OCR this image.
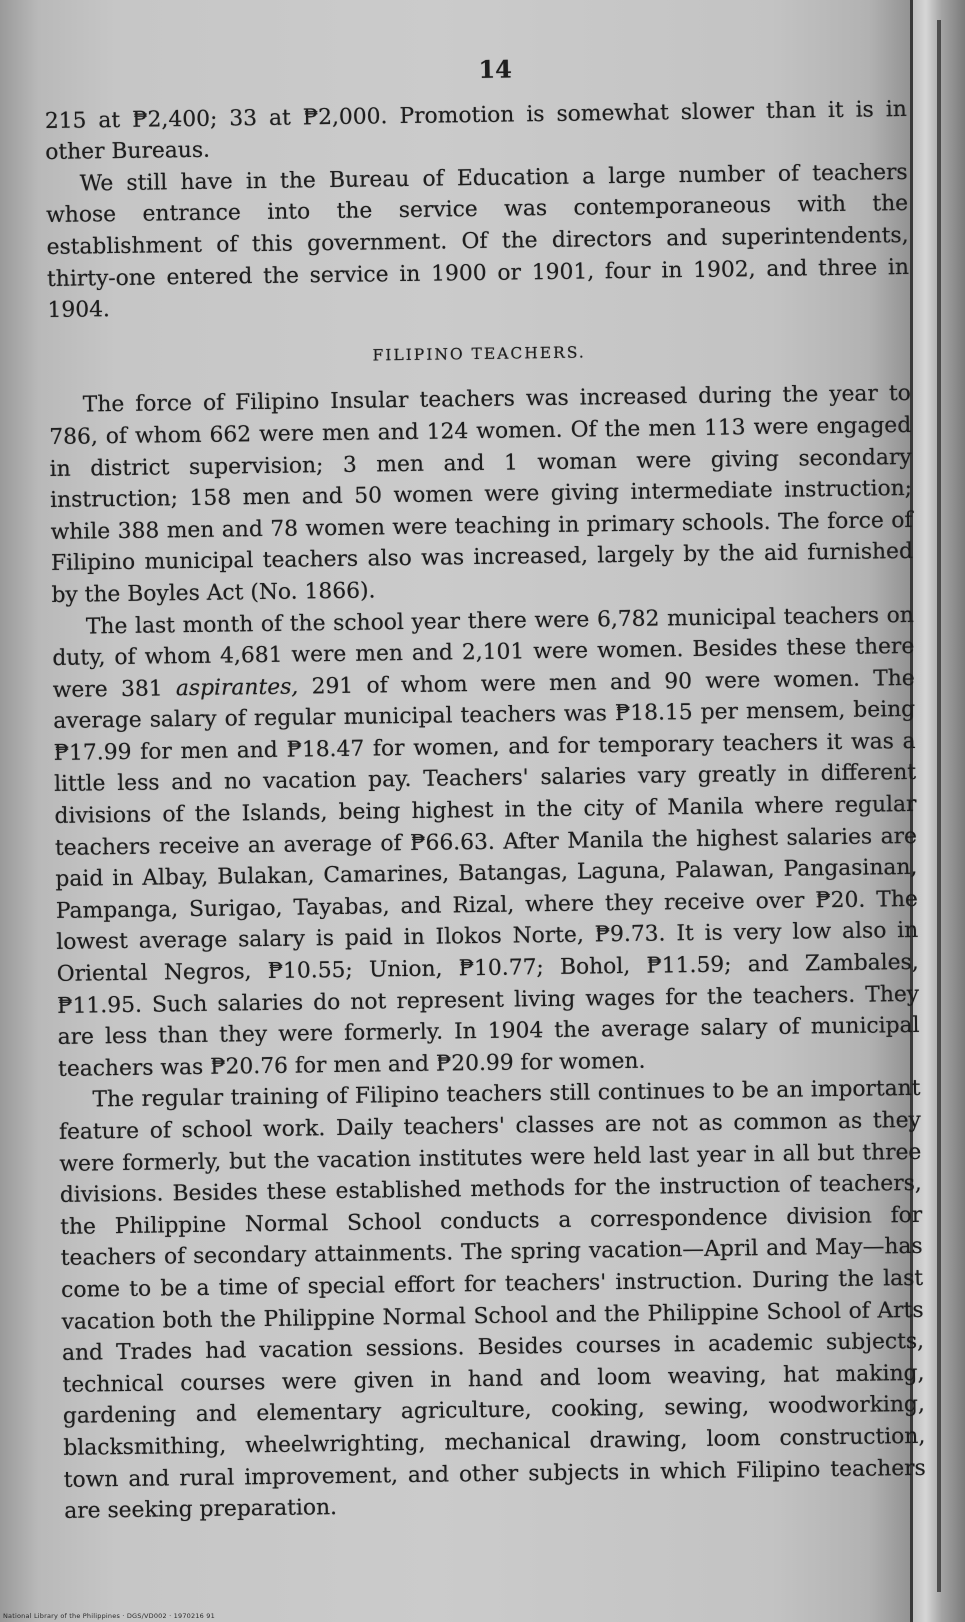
14

215 at ₱2,400; 33 at ₱2,000. Promotion is somewhat slower than it is in other Bureaus.

We still have in the Bureau of Education a large number of teachers whose entrance into the service was contemporaneous with the establishment of this government. Of the directors and superintendents, thirty-one entered the service in 1900 or 1901, four in 1902, and three in 1904.

FILIPINO TEACHERS.

The force of Filipino Insular teachers was increased during the year to 786, of whom 662 were men and 124 women. Of the men 113 were engaged in district supervision; 3 men and 1 woman were giving secondary instruction; 158 men and 50 women were giving intermediate instruction; while 388 men and 78 women were teaching in primary schools. The force of Filipino municipal teachers also was increased, largely by the aid furnished by the Boyles Act (No. 1866).

The last month of the school year there were 6,782 municipal teachers on duty, of whom 4,681 were men and 2,101 were women. Besides these there were 381 aspirantes, 291 of whom were men and 90 were women. The average salary of regular municipal teachers was ₱18.15 per mensem, being ₱17.99 for men and ₱18.47 for women, and for temporary teachers it was a little less and no vacation pay. Teachers' salaries vary greatly in different divisions of the Islands, being highest in the city of Manila where regular teachers receive an average of ₱66.63. After Manila the highest salaries are paid in Albay, Bulakan, Camarines, Batangas, Laguna, Palawan, Pangasinan, Pampanga, Surigao, Tayabas, and Rizal, where they receive over ₱20. The lowest average salary is paid in Ilokos Norte, ₱9.73. It is very low also in Oriental Negros, ₱10.55; Union, ₱10.77; Bohol, ₱11.59; and Zambales, ₱11.95. Such salaries do not represent living wages for the teachers. They are less than they were formerly. In 1904 the average salary of municipal teachers was ₱20.76 for men and ₱20.99 for women.

The regular training of Filipino teachers still continues to be an important feature of school work. Daily teachers' classes are not as common as they were formerly, but the vacation institutes were held last year in all but three divisions. Besides these established methods for the instruction of teachers, the Philippine Normal School conducts a correspondence division for teachers of secondary attainments. The spring vacation—April and May—has come to be a time of special effort for teachers' instruction. During the last vacation both the Philippine Normal School and the Philippine School of Arts and Trades had vacation sessions. Besides courses in academic subjects, technical courses were given in hand and loom weaving, hat making, gardening and elementary agriculture, cooking, sewing, woodworking, blacksmithing, wheelwrighting, mechanical drawing, loom construction, town and rural improvement, and other subjects in which Filipino teachers are seeking preparation.

National Library of the Philippines · DGS/VD002 · 1970216 91
